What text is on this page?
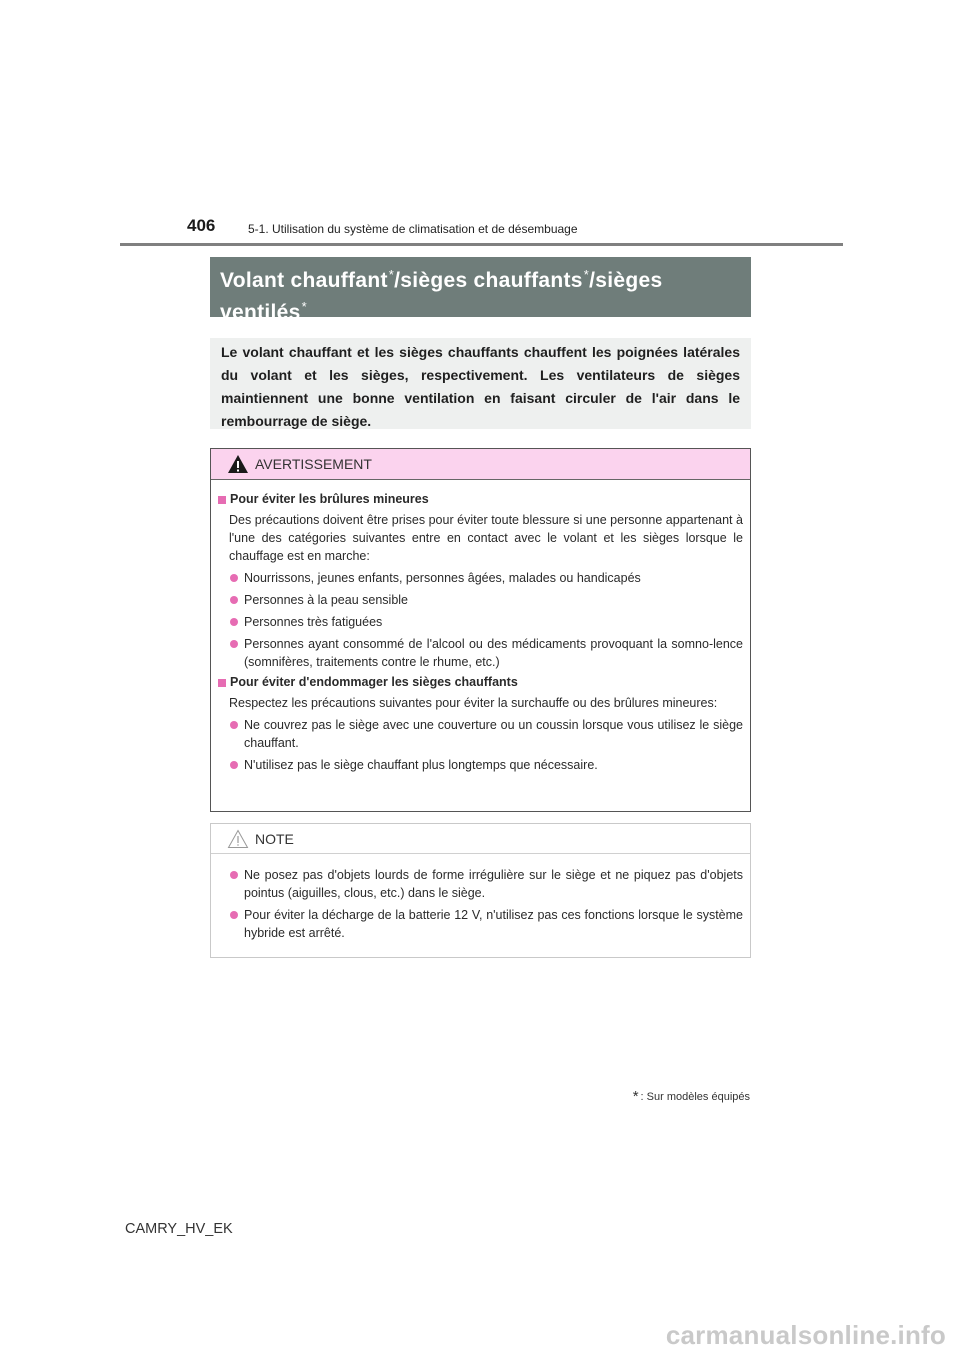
406	5-1. Utilisation du système de climatisation et de désembuage
Volant chauffant*/sièges chauffants*/sièges
ventilés*
Le volant chauffant et les sièges chauffants chauffent les poignées latérales du volant et les sièges, respectivement. Les ventilateurs de sièges maintiennent une bonne ventilation en faisant circuler de l'air dans le rembourrage de siège.
AVERTISSEMENT
Pour éviter les brûlures mineures
Des précautions doivent être prises pour éviter toute blessure si une personne appartenant à l'une des catégories suivantes entre en contact avec le volant et les sièges lorsque le chauffage est en marche:
Nourrissons, jeunes enfants, personnes âgées, malades ou handicapés
Personnes à la peau sensible
Personnes très fatiguées
Personnes ayant consommé de l'alcool ou des médicaments provoquant la somno-lence (somnifères, traitements contre le rhume, etc.)
Pour éviter d'endommager les sièges chauffants
Respectez les précautions suivantes pour éviter la surchauffe ou des brûlures mineures:
Ne couvrez pas le siège avec une couverture ou un coussin lorsque vous utilisez le siège chauffant.
N'utilisez pas le siège chauffant plus longtemps que nécessaire.
NOTE
Ne posez pas d'objets lourds de forme irrégulière sur le siège et ne piquez pas d'objets pointus (aiguilles, clous, etc.) dans le siège.
Pour éviter la décharge de la batterie 12 V, n'utilisez pas ces fonctions lorsque le système hybride est arrêté.
* : Sur modèles équipés
CAMRY_HV_EK
carmanualsonline.info
